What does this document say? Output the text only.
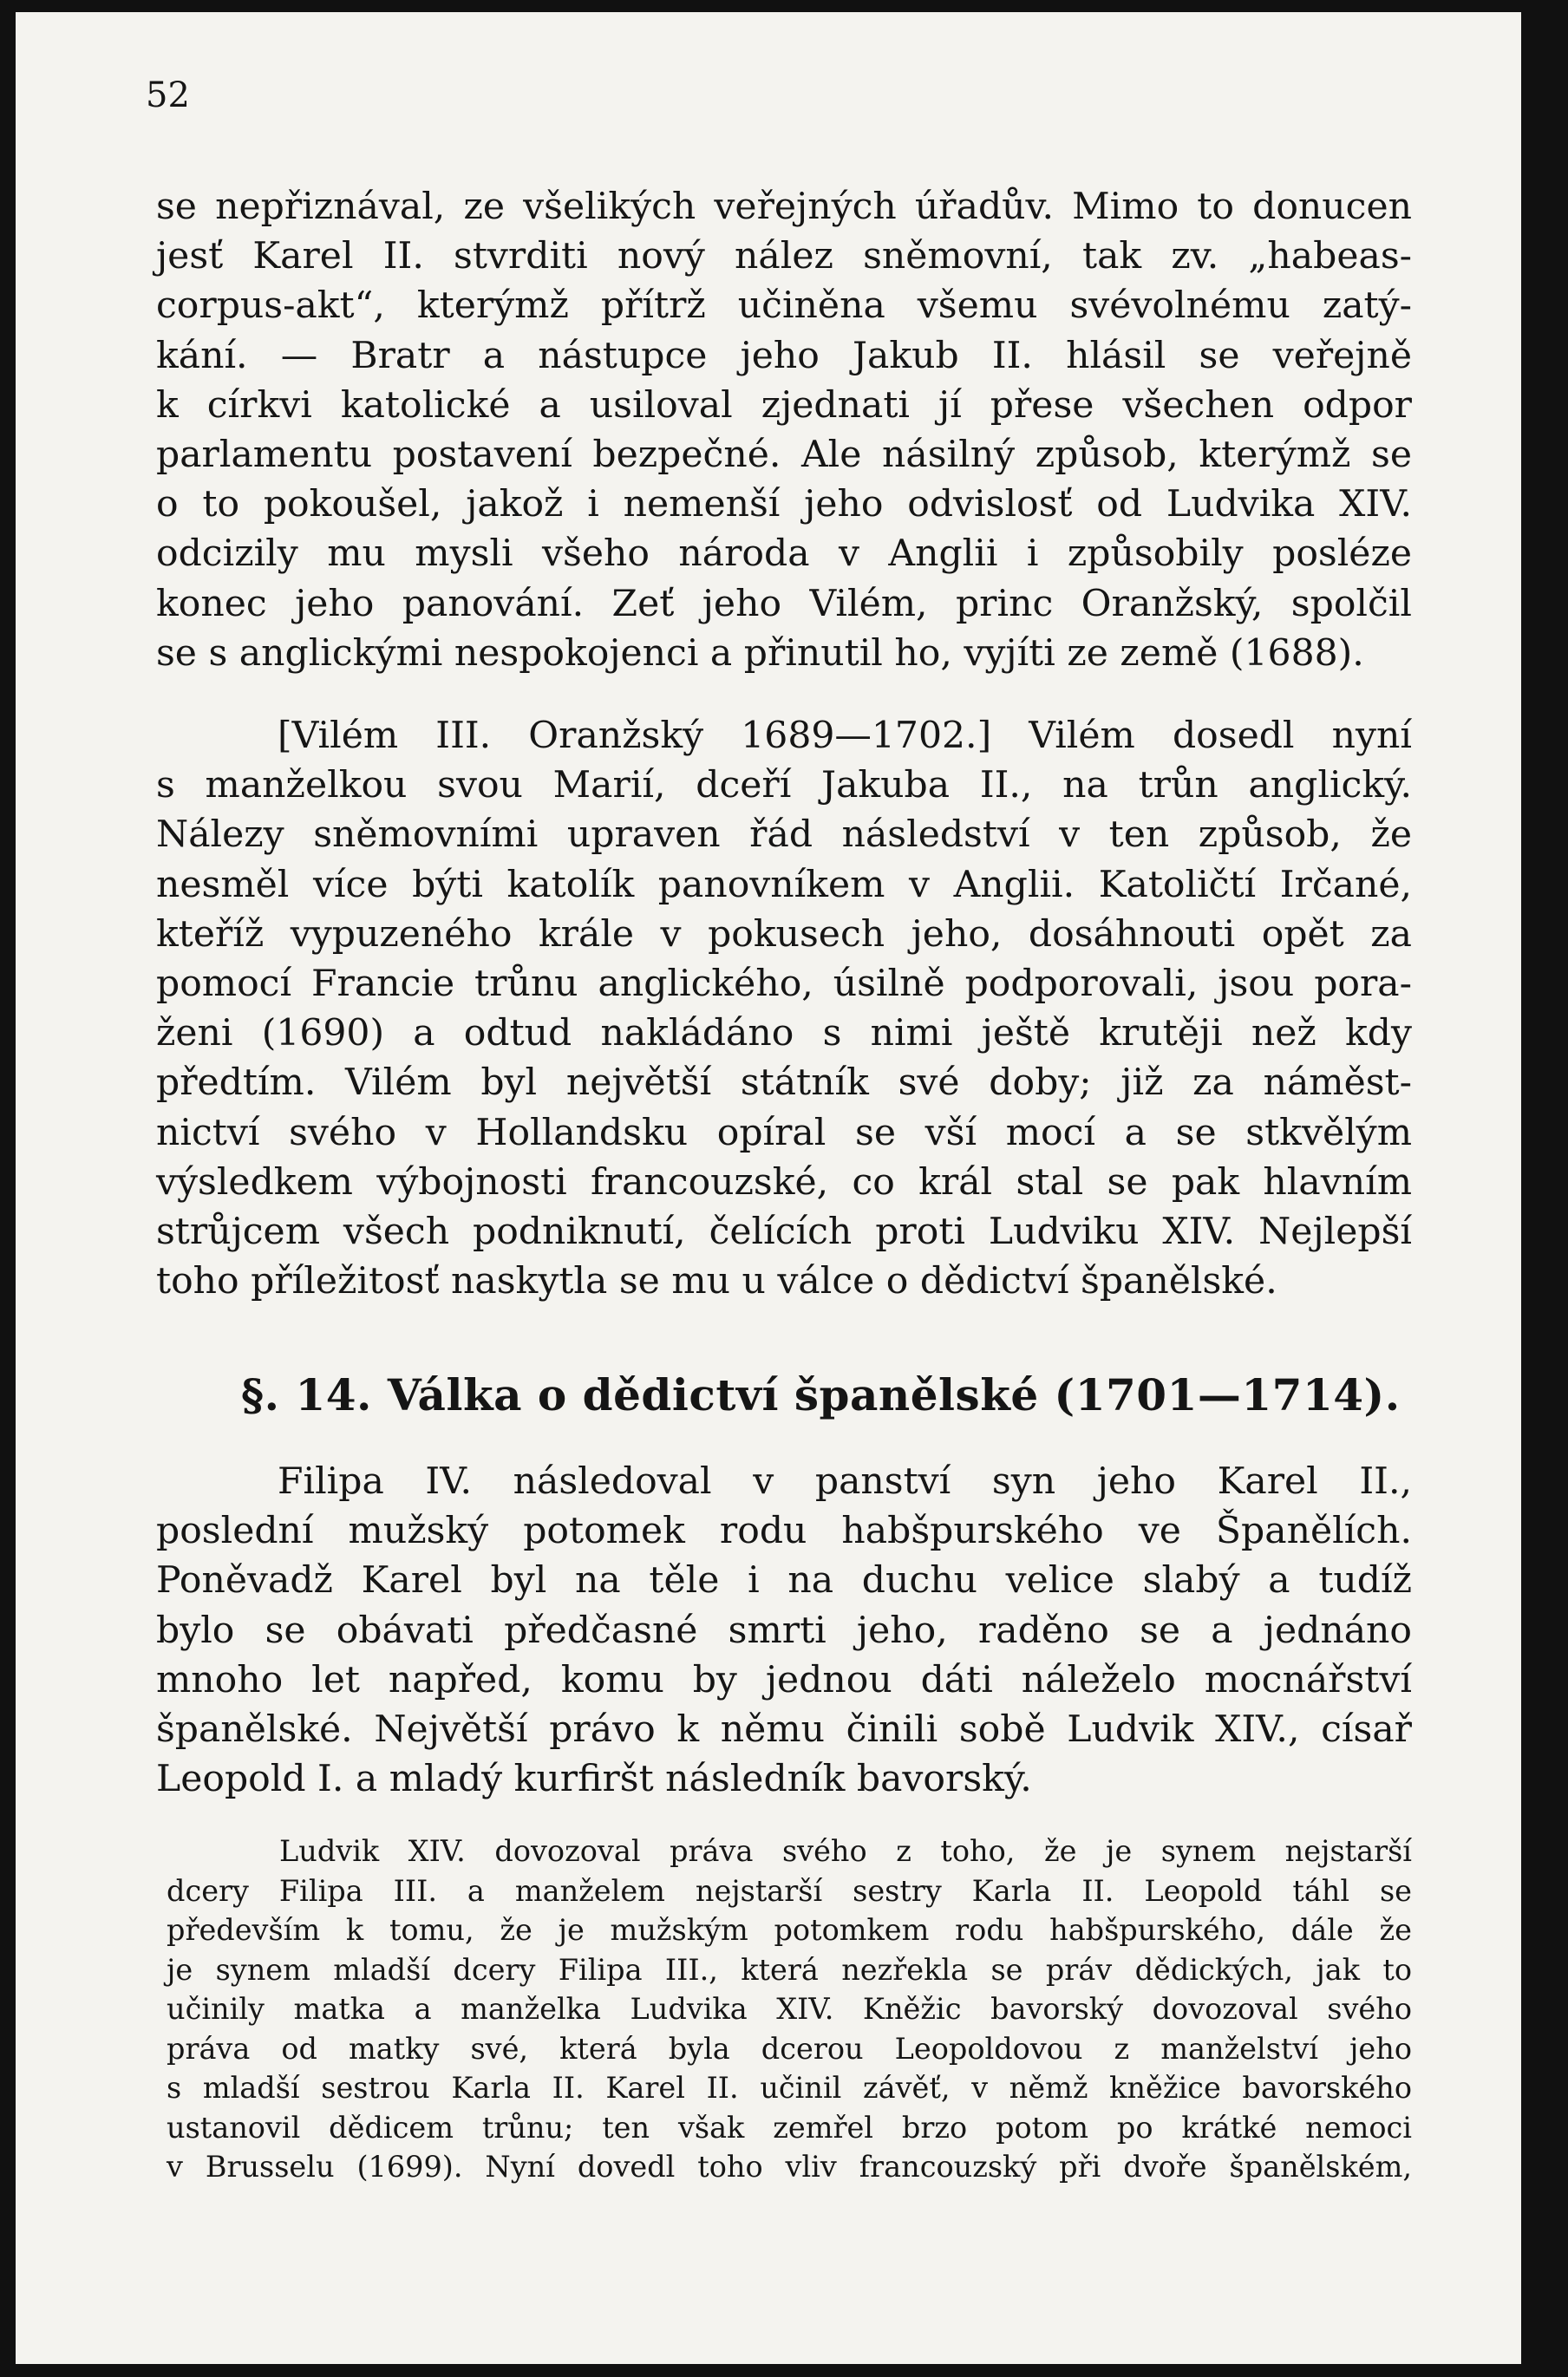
52
se nepřiznával, ze všelikých veřejných úřadův. Mimo to donucen
jesť Karel II. stvrditi nový nález sněmovní, tak zv. „habeas-
corpus-akt“, kterýmž přítrž učiněna všemu svévolnému zatý-
kání. — Bratr a nástupce jeho Jakub II. hlásil se veřejně
k církvi katolické a usiloval zjednati jí přese všechen odpor
parlamentu postavení bezpečné. Ale násilný způsob, kterýmž se
o to pokoušel, jakož i nemenší jeho odvislosť od Ludvika XIV.
odcizily mu mysli všeho národa v Anglii i způsobily posléze
konec jeho panování. Zeť jeho Vilém, princ Oranžský, spolčil
se s anglickými nespokojenci a přinutil ho, vyjíti ze země (1688).
[Vilém III. Oranžský 1689—1702.] Vilém dosedl nyní
s manželkou svou Marií, dceří Jakuba II., na trůn anglický.
Nálezy sněmovními upraven řád následství v ten způsob, že
nesměl více býti katolík panovníkem v Anglii. Katoličtí Irčané,
kteříž vypuzeného krále v pokusech jeho, dosáhnouti opět za
pomocí Francie trůnu anglického, úsilně podporovali, jsou pora-
ženi (1690) a odtud nakládáno s nimi ještě krutěji než kdy
předtím. Vilém byl největší státník své doby; již za náměst-
nictví svého v Hollandsku opíral se vší mocí a se stkvělým
výsledkem výbojnosti francouzské, co král stal se pak hlavním
strůjcem všech podniknutí, čelících proti Ludviku XIV. Nejlepší
toho příležitosť naskytla se mu u válce o dědictví španělské.
§. 14. Válka o dědictví španělské (1701—1714).
Filipa IV. následoval v panství syn jeho Karel II.,
poslední mužský potomek rodu habšpurského ve Španělích.
Poněvadž Karel byl na těle i na duchu velice slabý a tudíž
bylo se obávati předčasné smrti jeho, raděno se a jednáno
mnoho let napřed, komu by jednou dáti náleželo mocnářství
španělské. Největší právo k němu činili sobě Ludvik XIV., císař
Leopold I. a mladý kurfiršt následník bavorský.
Ludvik XIV. dovozoval práva svého z toho, že je synem nejstarší
dcery Filipa III. a manželem nejstarší sestry Karla II. Leopold táhl se
především k tomu, že je mužským potomkem rodu habšpurského, dále že
je synem mladší dcery Filipa III., která nezřekla se práv dědických, jak to
učinily matka a manželka Ludvika XIV. Kněžic bavorský dovozoval svého
práva od matky své, která byla dcerou Leopoldovou z manželství jeho
s mladší sestrou Karla II. Karel II. učinil závěť, v němž kněžice bavorského
ustanovil dědicem trůnu; ten však zemřel brzo potom po krátké nemoci
v Brusselu (1699). Nyní dovedl toho vliv francouzský při dvoře španělském,
